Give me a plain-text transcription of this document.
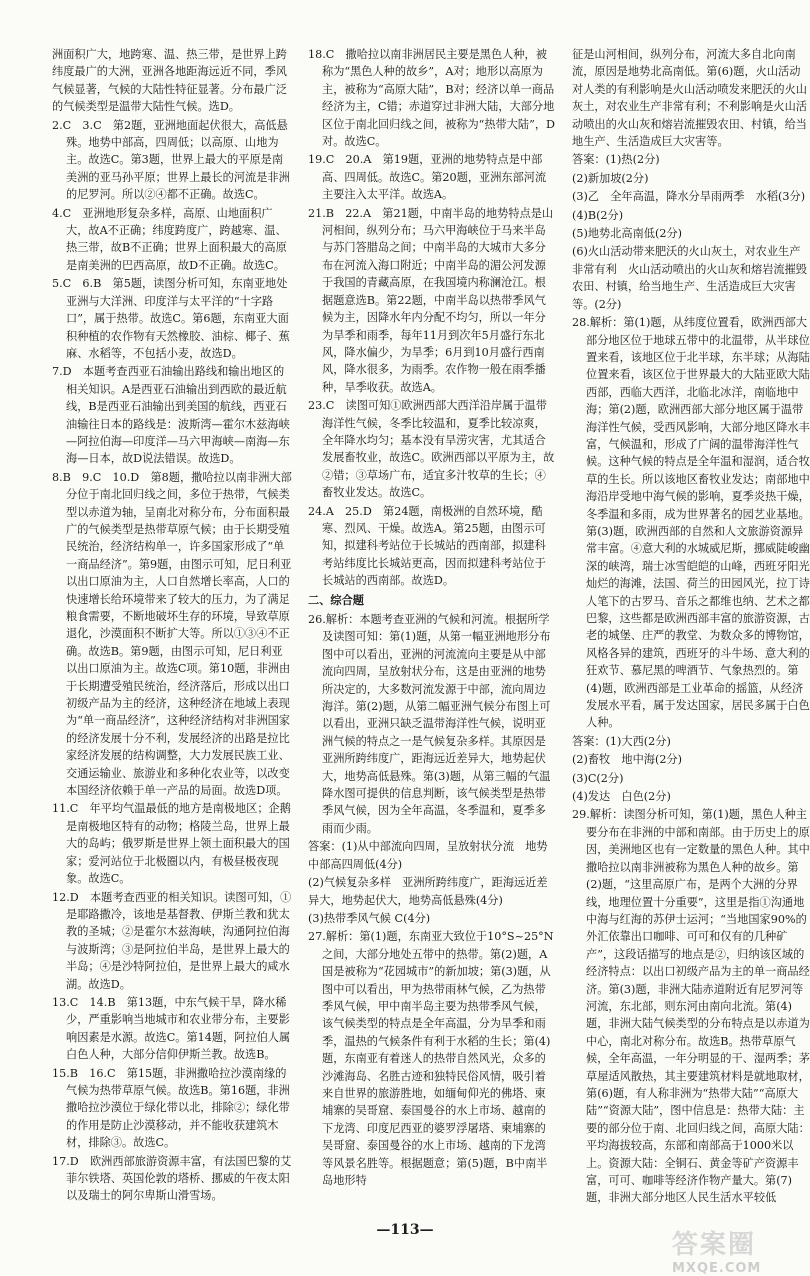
洲面积广大，地跨寒、温、热三带，是世界上跨纬度最广的大洲，亚洲各地距海远近不同，季风气候显著，气候的大陆性特征显著。分布最广泛的气候类型是温带大陆性气候。选D。

2.C　3.C　第2题，亚洲地面起伏很大，高低悬殊。地势中部高，四周低；以高原、山地为主。故选C。第3题，世界上最大的平原是南美洲的亚马孙平原；世界上最长的河流是非洲的尼罗河。所以②④都不正确。故选C。

4.C　亚洲地形复杂多样，高原、山地面积广大，故A不正确；纬度跨度广，跨越寒、温、热三带，故B不正确；世界上面积最大的高原是南美洲的巴西高原，故D不正确。故选C。

5.C　6.B　第5题，读图分析可知，东南亚地处亚洲与大洋洲、印度洋与太平洋的“十字路口”，属于热带。故选C。第6题，东南亚大面积种植的农作物有天然橡胶、油棕、椰子、蕉麻、水稻等，不包括小麦，故选D。

7.D　本题考查西亚石油输出路线和输出地区的相关知识。A是西亚石油输出到西欧的最近航线，B是西亚石油输出到美国的航线，西亚石油输往日本的路线是：波斯湾—霍尔木兹海峡—阿拉伯海—印度洋—马六甲海峡—南海—东海—日本，故D说法错误。故选D。

8.B　9.C　10.D　第8题，撒哈拉以南非洲大部分位于南北回归线之间，多位于热带，气候类型以赤道为轴，呈南北对称分布，分布面积最广的气候类型是热带草原气候；由于长期受殖民统治，经济结构单一，许多国家形成了“单一商品经济”。第9题，由图示可知，尼日利亚以出口原油为主，人口自然增长率高，人口的快速增长给环境带来了较大的压力，为了满足粮食需要，不断地破坏生存的环境，导致草原退化，沙漠面积不断扩大等。所以①③④不正确。故选B。第9题，由图示可知，尼日利亚以出口原油为主。故选C项。第10题，非洲由于长期遭受殖民统治，经济落后，形成以出口初级产品为主的经济，这种经济在地域上表现为“单一商品经济”，这种经济结构对非洲国家的经济发展十分不利，发展经济的出路是拉比家经济发展的结构调整，大力发展民族工业、交通运输业、旅游业和多种化农业等，以改变本国经济依赖于单一产品的局面。故选D项。

11.C　年平均气温最低的地方是南极地区；企鹅是南极地区特有的动物；格陵兰岛，世界上最大的岛屿；俄罗斯是世界上领土面积最大的国家；爱河站位于北极圈以内，有极昼极夜现象。故选C。

12.D　本题考查西亚的相关知识。读图可知，①是耶路撒冷，该地是基督教、伊斯兰教和犹太教的圣城；②是霍尔木兹海峡，沟通阿拉伯海与波斯湾；③是阿拉伯半岛，是世界上最大的半岛；④是沙特阿拉伯，是世界上最大的咸水湖。故选D。

13.C　14.B　第13题，中东气候干旱，降水稀少，严重影响当地城市和农业带分布，主要影响因素是水源。故选C。第14题，阿拉伯人属白色人种，大部分信仰伊斯兰教。故选B。

15.B　16.C　第15题，非洲撒哈拉沙漠南缘的气候为热带草原气候。故选B。第16题，非洲撒哈拉沙漠位于绿化带以北，排除②；绿化带的作用是防止沙漠移动，并不能收获建筑木材，排除③。故选C。

17.D　欧洲西部旅游资源丰富，有法国巴黎的艾菲尔铁塔、英国伦敦的塔桥、挪威的午夜太阳以及瑞士的阿尔卑斯山滑雪场。

18.C　撒哈拉以南非洲居民主要是黑色人种，被称为“黑色人种的故乡”，A对；地形以高原为主，被称为“高原大陆”，B对；经济以单一商品经济为主，C错；赤道穿过非洲大陆，大部分地区位于南北回归线之间，被称为“热带大陆”，D对。故选C。

19.C　20.A　第19题，亚洲的地势特点是中部高、四周低。故选C。第20题，亚洲东部河流主要注入太平洋。故选A。

21.B　22.A　第21题，中南半岛的地势特点是山河相间，纵列分布；马六甲海峡位于马来半岛与苏门答腊岛之间；中南半岛的大城市大多分布在河流入海口附近；中南半岛的湄公河发源于我国的青藏高原，在我国境内称澜沧江。根据题意选B。第22题，中南半岛以热带季风气候为主，因降水年内分配不均匀，所以一年分为旱季和雨季，每年11月到次年5月盛行东北风，降水偏少，为旱季；6月到10月盛行西南风，降水很多，为雨季。农作物一般在雨季播种，旱季收获。故选A。

23.C　读图可知①欧洲西部大西洋沿岸属于温带海洋性气候，冬季比较温和，夏季比较凉爽，全年降水均匀；基本没有旱涝灾害，尤其适合发展畜牧业，故选C。欧洲西部以平原为主，故②错；③草场广布，适宜多汁牧草的生长；④畜牧业发达。故选C。

24.A　25.D　第24题，南极洲的自然环境，酷寒、烈风、干燥。故选A。第25题，由图示可知，拟建科考站位于长城站的西南部，拟建科考站纬度比长城站更高，因而拟建科考站位于长城站的西南部。故选D。

二、综合题

26.解析：本题考查亚洲的气候和河流。根据所学及读图可知：第(1)题，从第一幅亚洲地形分布图中可以看出，亚洲的河流流向主要是从中部流向四周，呈放射状分布，这是由亚洲的地势所决定的，大多数河流发源于中部，流向周边海洋。第(2)题，从第二幅亚洲气候分布图上可以看出，亚洲只缺乏温带海洋性气候，说明亚洲气候的特点之一是气候复杂多样。其原因是亚洲所跨纬度广，距海远近差异大，地势起伏大，地势高低悬殊。第(3)题，从第三幅的气温降水图可提供的信息判断，该气候类型是热带季风气候，因为全年高温，冬季温和，夏季多雨而少雨。

答案：(1)从中部流向四周，呈放射状分流　地势中部高四周低(4分)

(2)气候复杂多样　亚洲所跨纬度广，距海远近差异大，地势起伏大，地势高低悬殊(4分)

(3)热带季风气候 C(4分)

27.解析：第(1)题，东南亚大致位于10°S~25°N之间，大部分地处五带中的热带。第(2)题，A国是被称为“花园城市”的新加坡；第(3)题，从图中可以看出，甲为热带雨林气候，乙为热带季风气候，甲中南半岛主要为热带季风气候，该气候类型的特点是全年高温，分为旱季和雨季，温热的气候条件有利于水稻的生长；第(4)题，东南亚有着迷人的热带自然风光，众多的沙滩海岛、名胜古迹和独特民俗风情，吸引着来自世界的旅游胜地，如缅甸仰光的佛塔、柬埔寨的吴哥窟、泰国曼谷的水上市场、越南的下龙湾、印度尼西亚的婆罗浮屠塔、柬埔寨的吴哥窟、泰国曼谷的水上市场、越南的下龙湾等风景名胜等。根据题意；第(5)题，B中南半岛地形特

征是山河相间，纵列分布，河流大多自北向南流，原因是地势北高南低。第(6)题，火山活动对人类的有利影响是火山活动喷发来肥沃的火山灰土，对农业生产非常有利；不利影响是火山活动喷出的火山灰和熔岩流摧毁农田、村镇，给当地生产、生活造成巨大灾害等。

答案：(1)热(2分)

(2)新加坡(2分)

(3)乙　全年高温，降水分旱雨两季　水稻(3分)

(4)B(2分)

(5)地势北高南低(2分)

(6)火山活动带来肥沃的火山灰土，对农业生产非常有利　火山活动喷出的火山灰和熔岩流摧毁农田、村镇，给当地生产、生活造成巨大灾害等。(2分)

28.解析：第(1)题，从纬度位置看，欧洲西部大部分地区位于地球五带中的北温带，从半球位置来看，该地区位于北半球，东半球；从海陆位置来看，该区位于世界最大的大陆亚欧大陆西部，西临大西洋，北临北冰洋，南临地中海；第(2)题，欧洲西部大部分地区属于温带海洋性气候，受西风影响，大部分地区降水丰富，气候温和，形成了广阔的温带海洋性气候。这种气候的特点是全年温和湿润，适合牧草的生长。所以该地区畜牧业发达；南部地中海沿岸受地中海气候的影响，夏季炎热干燥，冬季温和多雨，成为世界著名的园艺业基地。第(3)题，欧洲西部的自然和人文旅游资源异常丰富。④意大利的水城威尼斯，挪威陡峻幽深的峡湾，瑞士冰雪皑皑的山峰，西班牙阳光灿烂的海滩，法国、荷兰的田园风光，拉丁诗人笔下的古罗马、音乐之都维也纳、艺术之都巴黎，这些都是欧洲西部丰富的旅游资源，古老的城堡、庄严的教堂、为数众多的博物馆，风格各异的建筑，西班牙的斗牛场、意大利的狂欢节、慕尼黑的啤酒节、气象热烈的。第(4)题，欧洲西部是工业革命的摇篮，从经济发展水平看，属于发达国家，居民多属于白色人种。

答案：(1)大西(2分)

(2)畜牧　地中海(2分)

(3)C(2分)

(4)发达　白色(2分)

29.解析：读图分析可知，第(1)题，黑色人种主要分布在非洲的中部和南部。由于历史上的原因，美洲地区也有一定数量的黑色人种。其中撒哈拉以南非洲被称为黑色人种的故乡。第(2)题，“这里高原广布，是两个大洲的分界线，地理位置十分重要”，这里是指①沟通地中海与红海的苏伊士运河；“当地国家90%的外汇依靠出口咖啡、可可和仅有的几种矿产”，这段话描写的地点是②，归纳该区域的经济特点：以出口初级产品为主的单一商品经济。第(3)题，非洲大陆赤道附近有尼罗河等河流，东北部，则东河由南向北流。第(4)题，非洲大陆气候类型的分布特点是以赤道为中心，南北对称分布。故选B。热带草原气候，全年高温，一年分明显的干、湿两季；茅草屋适风散热，其主要建筑材料是就地取材，第(6)题，有人称非洲为“热带大陆”“高原大陆”“资源大陆”，图中信息是：热带大陆：主要的部分位于南、北回归线之间，高原大陆：平均海拔较高，东部和南部高于1000米以上。资源大陆：全铜石、黄金等矿产资源丰富，可可、咖啡等经济作物产量大。第(7)题，非洲大部分地区人民生活水平较低

—113—	答案圈
MXQE.COM
